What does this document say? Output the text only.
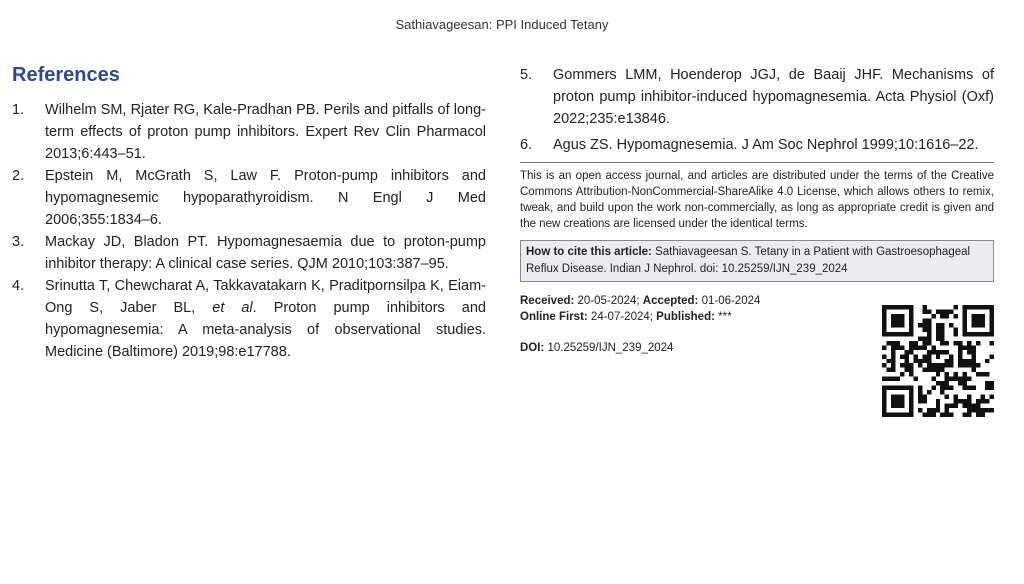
Sathiavageesan: PPI Induced Tetany
References
1.	Wilhelm SM, Rjater RG, Kale-Pradhan PB. Perils and pitfalls of long-term effects of proton pump inhibitors. Expert Rev Clin Pharmacol 2013;6:443–51.
2.	Epstein M, McGrath S, Law F. Proton-pump inhibitors and hypomagnesemic hypoparathyroidism. N Engl J Med 2006;355:1834–6.
3.	Mackay JD, Bladon PT. Hypomagnesaemia due to proton-pump inhibitor therapy: A clinical case series. QJM 2010;103:387–95.
4.	Srinutta T, Chewcharat A, Takkavatakarn K, Praditpornsilpa K, Eiam-Ong S, Jaber BL, et al. Proton pump inhibitors and hypomagnesemia: A meta-analysis of observational studies. Medicine (Baltimore) 2019;98:e17788.
5.	Gommers LMM, Hoenderop JGJ, de Baaij JHF. Mechanisms of proton pump inhibitor-induced hypomagnesemia. Acta Physiol (Oxf) 2022;235:e13846.
6.	Agus ZS. Hypomagnesemia. J Am Soc Nephrol 1999;10:1616–22.
This is an open access journal, and articles are distributed under the terms of the Creative Commons Attribution-NonCommercial-ShareAlike 4.0 License, which allows others to remix, tweak, and build upon the work non-commercially, as long as appropriate credit is given and the new creations are licensed under the identical terms.
How to cite this article: Sathiavageesan S. Tetany in a Patient with Gastroesophageal Reflux Disease. Indian J Nephrol. doi: 10.25259/IJN_239_2024
Received: 20-05-2024; Accepted: 01-06-2024
Online First: 24-07-2024; Published: ***
DOI: 10.25259/IJN_239_2024
